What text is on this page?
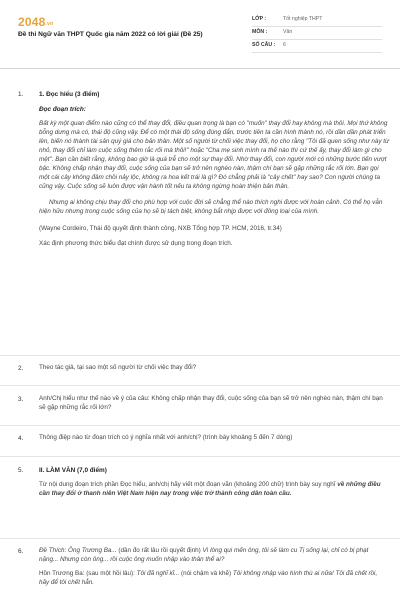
2048.vn
Đề thi Ngữ văn THPT Quốc gia năm 2022 có lời giải (Đề 25)
LỚP :	Tốt nghiệp THPT
MÔN :	Văn
SỐ CÂU :	6
1. 1. Đọc hiểu (3 điểm)

Đọc đoạn trích:

Bất kỳ một quan điểm nào cũng có thể thay đổi, điều quan trọng là bạn có "muốn" thay đổi hay không mà thôi. Mọi thứ không bỗng dưng mà có, thái độ cũng vậy. Để có một thái độ sống đúng đắn, trước tiên ta cần hình thành nó, rồi dần dần phát triển lên, biến nó thành tài sản quý giá cho bản thân. Một số người từ chối việc thay đổi, họ cho rằng "Tôi đã quen sống như này từ nhỏ, thay đổi chỉ làm cuộc sống thêm rắc rối mà thôi!" hoặc "Cha mẹ sinh mình ra thế nào thì cứ thế ấy, thay đổi làm gì cho mệt". Bạn cần biết rằng, không bao giờ là quá trễ cho một sự thay đổi. Nhờ thay đổi, con người mới có những bước tiến vượt bậc. Không chấp nhận thay đổi, cuộc sống của bạn sẽ trở nên nghèo nàn, thậm chí bạn sẽ gặp những rắc rối lớn. Bạn gọi một cái cây không đâm chồi nảy lộc, không ra hoa kết trái là gì? Đó chẳng phải là "cây chết" hay sao? Con người chúng ta cũng vậy. Cuộc sống sẽ luôn được vận hành tốt nếu ta không ngừng hoàn thiện bản thân.

Nhưng ai không chịu thay đổi cho phù hợp với cuộc đời sẽ chẳng thể nào thích nghi được với hoàn cảnh. Có thể họ vẫn hiện hữu nhưng trong cuộc sống của họ sẽ bị tách biệt, không bắt nhịp được với đông loại của mình.

(Wayne Cordeiro, Thái độ quyết định thành công, NXB Tổng hợp TP. HCM, 2016, tr.34)

Xác định phương thức biểu đạt chính được sử dụng trong đoạn trích.

2. Theo tác giả, tại sao một số người từ chối việc thay đổi?

3. Anh/Chị hiểu như thế nào về ý của câu: Không chấp nhận thay đổi, cuộc sống của bạn sẽ trở nên nghèo nàn, thậm chí bạn sẽ gặp những rắc rối lớn?

4. Thông điệp nào từ đoạn trích có ý nghĩa nhất với anh/chị? (trình bày khoảng 5 đến 7 dòng)

5. II. LÀM VĂN (7,0 điểm)

Từ nội dung đoạn trích phần Đọc hiểu, anh/chị hãy viết một đoạn văn (khoảng 200 chữ) trình bày suy nghĩ về những điều cần thay đổi ở thanh niên Việt Nam hiện nay trong việc trở thành công dân toàn cầu.

6. Đề Thích: Ông Trương Ba... (dần đo rất lâu rồi quyết định) Vì lòng qui mến ông, tôi sẽ làm cu Tị sống lại, chỉ có bị phạt nặng... Nhưng còn ông... rồi cuộc ông muốn nhập vào thân thể ai?

Hồn Trương Ba: (sau một hồi lâu): Tôi đã nghĩ kĩ... (nói chậm và khẽ) Tôi không nhập vào hình thù ai nữa! Tôi đã chết rồi, hãy để tôi chết hẳn.
